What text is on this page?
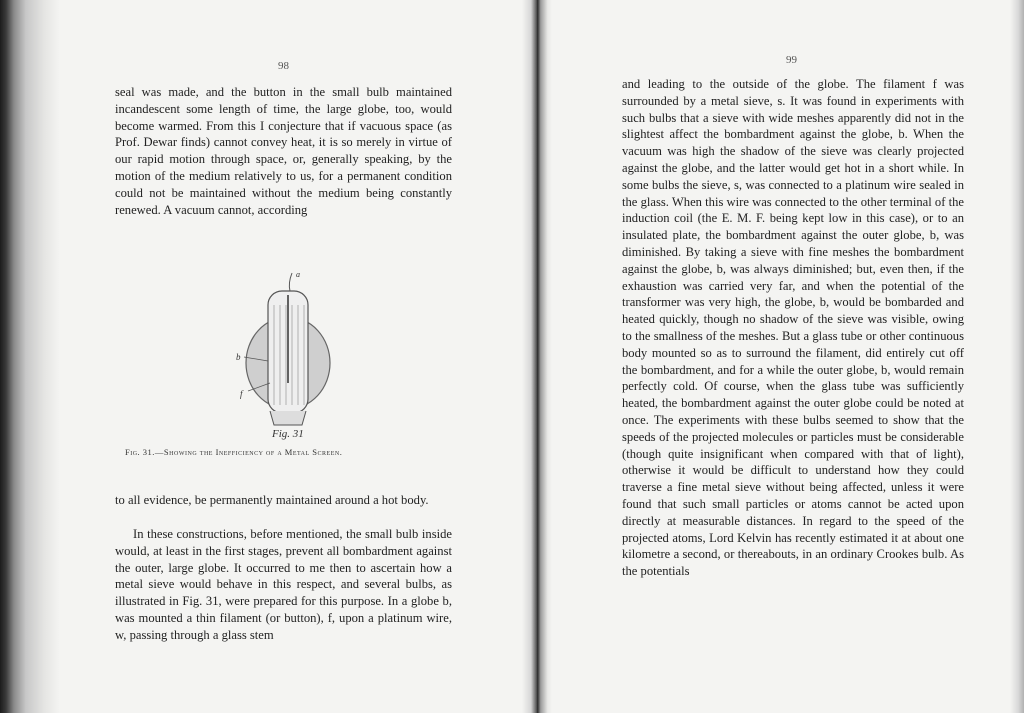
98

seal was made, and the button in the small bulb maintained incandescent some length of time, the large globe, too, would become warmed. From this I conjecture that if vacuous space (as Prof. Dewar finds) cannot convey heat, it is so merely in virtue of our rapid motion through space, or, generally speaking, by the motion of the medium relatively to us, for a permanent condition could not be maintained without the medium being constantly renewed. A vacuum cannot, according

a
b
f
Fig. 31
Fig. 31.—Showing the Inefficiency of a Metal Screen.

to all evidence, be permanently maintained around a hot body.

In these constructions, before mentioned, the small bulb inside would, at least in the first stages, prevent all bombardment against the outer, large globe. It occurred to me then to ascertain how a metal sieve would behave in this respect, and several bulbs, as illustrated in Fig. 31, were prepared for this purpose. In a globe b, was mounted a thin filament (or button), f, upon a platinum wire, w, passing through a glass stem

99

and leading to the outside of the globe. The filament f was surrounded by a metal sieve, s. It was found in experiments with such bulbs that a sieve with wide meshes apparently did not in the slightest affect the bombardment against the globe, b. When the vacuum was high the shadow of the sieve was clearly projected against the globe, and the latter would get hot in a short while. In some bulbs the sieve, s, was connected to a platinum wire sealed in the glass. When this wire was connected to the other terminal of the induction coil (the E. M. F. being kept low in this case), or to an insulated plate, the bombardment against the outer globe, b, was diminished. By taking a sieve with fine meshes the bombardment against the globe, b, was always diminished; but, even then, if the exhaustion was carried very far, and when the potential of the transformer was very high, the globe, b, would be bombarded and heated quickly, though no shadow of the sieve was visible, owing to the smallness of the meshes. But a glass tube or other continuous body mounted so as to surround the filament, did entirely cut off the bombardment, and for a while the outer globe, b, would remain perfectly cold. Of course, when the glass tube was sufficiently heated, the bombardment against the outer globe could be noted at once. The experiments with these bulbs seemed to show that the speeds of the projected molecules or particles must be considerable (though quite insignificant when compared with that of light), otherwise it would be difficult to understand how they could traverse a fine metal sieve without being affected, unless it were found that such small particles or atoms cannot be acted upon directly at measurable distances. In regard to the speed of the projected atoms, Lord Kelvin has recently estimated it at about one kilometre a second, or thereabouts, in an ordinary Crookes bulb. As the potentials
